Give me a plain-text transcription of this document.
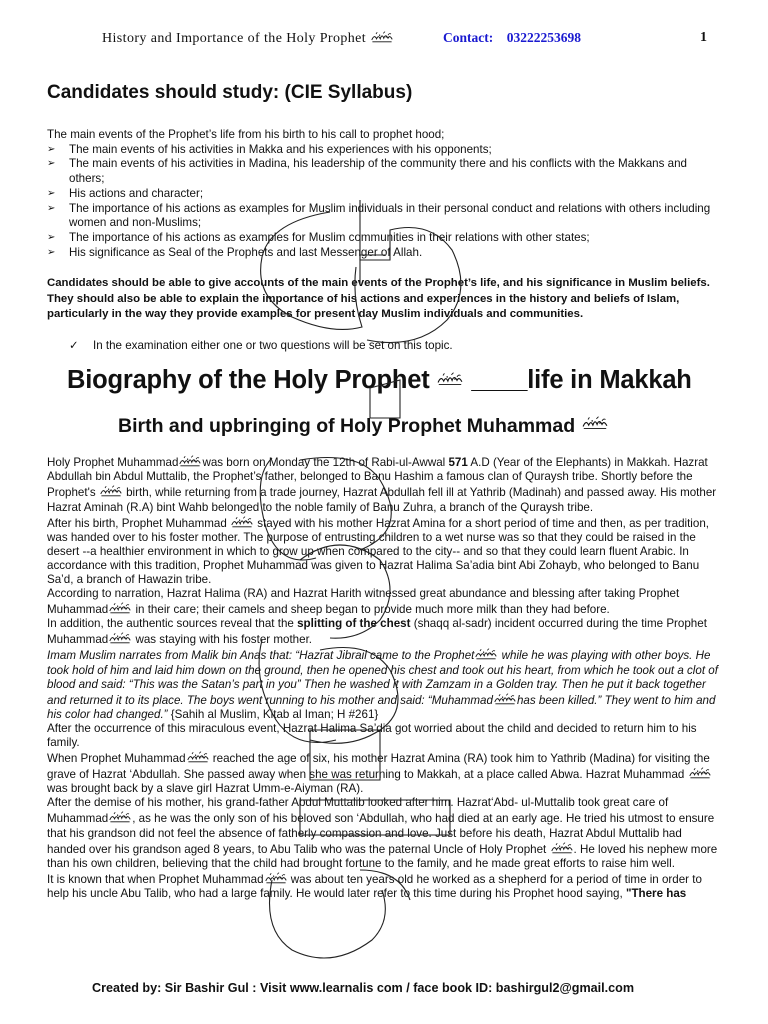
History and Importance of the Holy Prophet	Contact: 03222253698	1
Candidates should study: (CIE Syllabus)

The main events of the Prophet’s life from his birth to his call to prophet hood;

➢ The main events of his activities in Makka and his experiences with his opponents;
➢ The main events of his activities in Madina, his leadership of the community there and his conflicts with the Makkans and others;
➢ His actions and character;
➢ The importance of his actions as examples for Muslim individuals in their personal conduct and relations with others including women and non-Muslims;
➢ The importance of his actions as examples for Muslim communities in their relations with other states;
➢ His significance as Seal of the Prophets and last Messenger of Allah.

Candidates should be able to give accounts of the main events of the Prophet’s life, and his significance in Muslim beliefs. They should also be able to explain the importance of his actions and experiences in the history and beliefs of Islam, particularly in the way they provide examples for present day Muslim individuals and communities.

✓ In the examination either one or two questions will be set on this topic.
Biography of the Holy Prophet ____life in Makkah
Birth and upbringing of Holy Prophet Muhammad

Holy Prophet Muhammad was born on Monday the 12th of Rabi-ul-Awwal 571 A.D (Year of the Elephants) in Makkah. Hazrat Abdullah bin Abdul Muttalib, the Prophet’s father, belonged to Banu Hashim a famous clan of Quraysh tribe. Shortly before the Prophet's	birth, while returning from a trade journey, Hazrat Abdullah fell ill at Yathrib (Madinah) and passed away. His mother Hazrat Aminah (R.A) bint Wahb belonged to the noble family of Banu Zuhra, a branch of the Quraysh tribe.

After his birth, Prophet Muhammad	stayed with his mother Hazrat Amina for a short period of time and then, as per tradition, was handed over to his foster mother. The purpose of entrusting children to a wet nurse was so that they could be raised in the desert --a healthier environment in which to grow up when compared to the city-- and so that they could learn fluent Arabic. In accordance with this tradition, Prophet Muhammad was given to Hazrat Halima Sa’adia bint Abi Zohayb, who belonged to Banu Sa’d, a branch of Hawazin tribe.

According to narration, Hazrat Halima (RA) and Hazrat Harith witnessed great abundance and blessing after taking Prophet Muhammad in their care; their camels and sheep began to provide much more milk than they had before.

In addition, the authentic sources reveal that the splitting of the chest (shaqq al-sadr) incident occurred during the time Prophet Muhammad was staying with his foster mother.

Imam Muslim narrates from Malik bin Anas that: “Hazrat Jibrail came to the Prophet while he was playing with other boys. He took hold of him and laid him down on the ground, then he opened his chest and took out his heart, from which he took out a clot of blood and said: “This was the Satan’s part in you” Then he washed it with Zamzam in a Golden tray. Then he put it back together and returned it to its place. The boys went running to his mother and said: “Muhammad has been killed.” They went to him and his color had changed.” {Sahih al Muslim, Kitab al Iman; H #261}

After the occurrence of this miraculous event, Hazrat Halima Sa’dia got worried about the child and decided to return him to his family.

When Prophet Muhammad reached the age of six, his mother Hazrat Amina (RA) took him to Yathrib (Madina) for visiting the grave of Hazrat ‘Abdullah. She passed away when she was returning to Makkah, at a place called Abwa. Hazrat Muhammad  was brought back by a slave girl Hazrat Umm-e-Aiyman (RA).

After the demise of his mother, his grand-father Abdul Muttalib looked after him. Hazrat‘Abd- ul-Muttalib took great care of Muhammad , as he was the only son of his beloved son ‘Abdullah, who had died at an early age. He tried his utmost to ensure that his grandson did not feel the absence of fatherly compassion and love. Just before his death, Hazrat Abdul Muttalib had handed over his grandson aged 8 years, to Abu Talib who was the paternal Uncle of Holy Prophet . He loved his nephew more than his own children, believing that the child had brought fortune to the family, and he made great efforts to raise him well.

It is known that when Prophet Muhammad was about ten years old he worked as a shepherd for a period of time in order to help his uncle Abu Talib, who had a large family. He would later refer to this time during his Prophet hood saying, "There has

Created by: Sir Bashir Gul : Visit www.learnalis com / face book ID: bashirgul2@gmail.com
